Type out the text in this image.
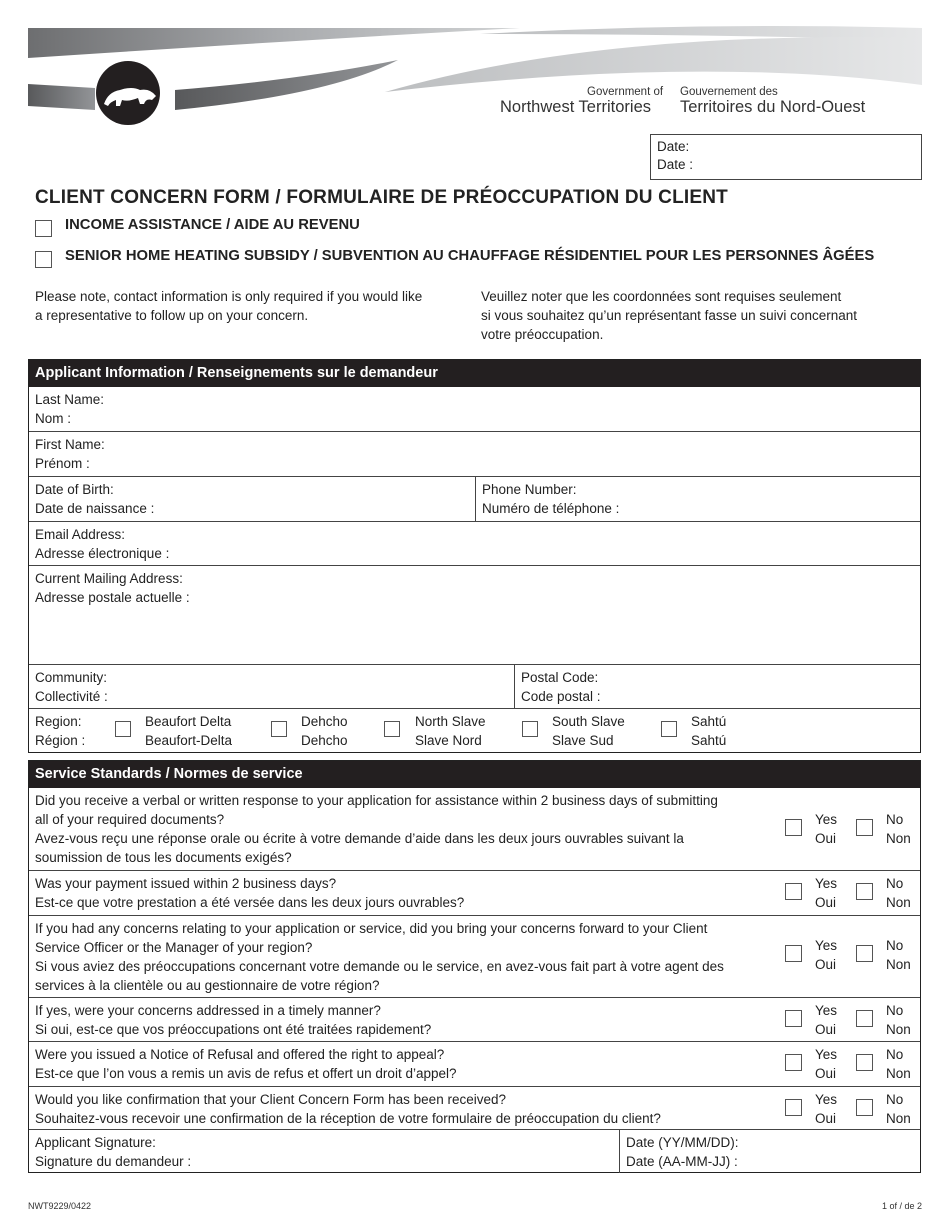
Government of
Northwest Territories
Gouvernement des
Territoires du Nord-Ouest
Date:
Date :
CLIENT CONCERN FORM / FORMULAIRE DE PRÉOCCUPATION DU CLIENT
INCOME ASSISTANCE / AIDE AU REVENU
SENIOR HOME HEATING SUBSIDY / SUBVENTION AU CHAUFFAGE RÉSIDENTIEL POUR LES PERSONNES ÂGÉES
Please note, contact information is only required if you would like
a representative to follow up on your concern.
Veuillez noter que les coordonnées sont requises seulement
si vous souhaitez qu’un représentant fasse un suivi concernant
votre préoccupation.
Applicant Information / Renseignements sur le demandeur
Last Name:
Nom :
First Name:
Prénom :
Date of Birth:
Date de naissance :
Phone Number:
Numéro de téléphone :
Email Address:
Adresse électronique :
Current Mailing Address:
Adresse postale actuelle :
Community:
Collectivité :
Postal Code:
Code postal :
Region:
Région :
Beaufort Delta
Beaufort-Delta
Dehcho
Dehcho
North Slave
Slave Nord
South Slave
Slave Sud
Sahtú
Sahtú
Service Standards / Normes de service
Did you receive a verbal or written response to your application for assistance within 2 business days of submitting
all of your required documents?
Avez-vous reçu une réponse orale ou écrite à votre demande d’aide dans les deux jours ouvrables suivant la
soumission de tous les documents exigés?
Yes
Oui
No
Non
Was your payment issued within 2 business days?
Est-ce que votre prestation a été versée dans les deux jours ouvrables?
Yes
Oui
No
Non
If you had any concerns relating to your application or service, did you bring your concerns forward to your Client
Service Officer or the Manager of your region?
Si vous aviez des préoccupations concernant votre demande ou le service, en avez-vous fait part à votre agent des
services à la clientèle ou au gestionnaire de votre région?
Yes
Oui
No
Non
If yes, were your concerns addressed in a timely manner?
Si oui, est-ce que vos préoccupations ont été traitées rapidement?
Yes
Oui
No
Non
Were you issued a Notice of Refusal and offered the right to appeal?
Est-ce que l’on vous a remis un avis de refus et offert un droit d’appel?
Yes
Oui
No
Non
Would you like confirmation that your Client Concern Form has been received?
Souhaitez-vous recevoir une confirmation de la réception de votre formulaire de préoccupation du client?
Yes
Oui
No
Non
Applicant Signature:
Signature du demandeur :
Date (YY/MM/DD):
Date (AA-MM-JJ) :
NWT9229/0422	1 of / de 2
